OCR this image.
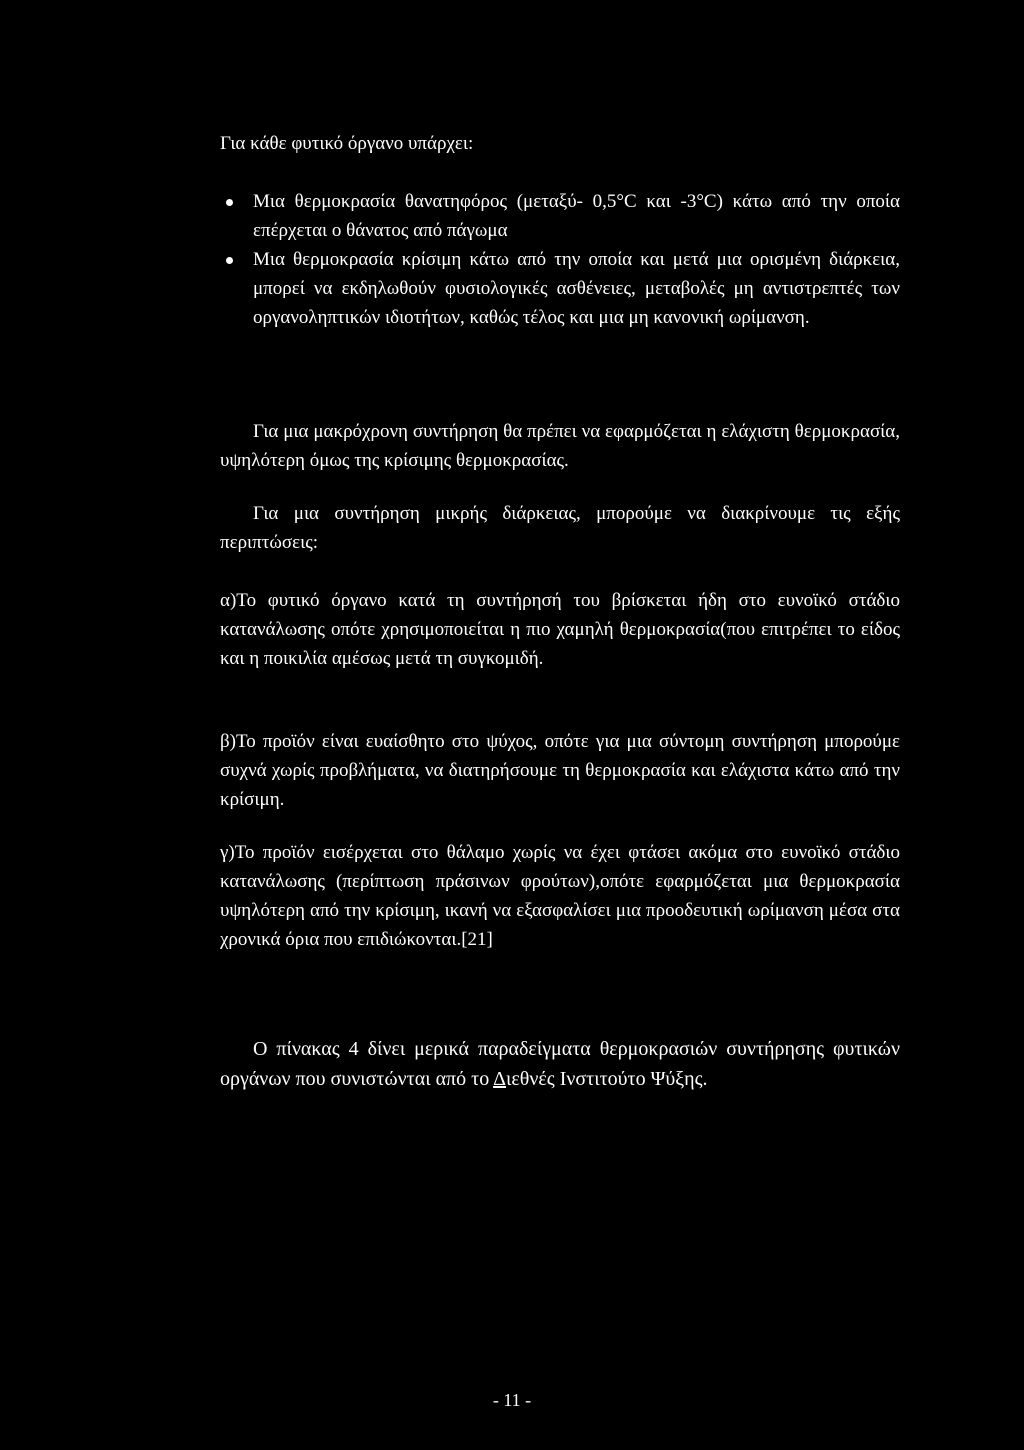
Για κάθε φυτικό όργανο υπάρχει:

Μια θερμοκρασία θανατηφόρος (μεταξύ- 0,5°C και -3°C) κάτω από την οποία επέρχεται ο θάνατος από πάγωμα
Μια θερμοκρασία κρίσιμη κάτω από την οποία και μετά μια ορισμένη διάρκεια, μπορεί να εκδηλωθούν φυσιολογικές ασθένειες, μεταβολές μη αντιστρεπτές των οργανοληπτικών ιδιοτήτων, καθώς τέλος και μια μη κανονική ωρίμανση.

Για μια μακρόχρονη συντήρηση θα πρέπει να εφαρμόζεται η ελάχιστη θερμοκρασία, υψηλότερη όμως της κρίσιμης θερμοκρασίας.

Για μια συντήρηση μικρής διάρκειας, μπορούμε να διακρίνουμε τις εξής περιπτώσεις:

α)Το φυτικό όργανο κατά τη συντήρησή του βρίσκεται ήδη στο ευνοϊκό στάδιο κατανάλωσης οπότε χρησιμοποιείται η πιο χαμηλή θερμοκρασία(που επιτρέπει το είδος και η ποικιλία αμέσως μετά τη συγκομιδή.

β)Το προϊόν είναι ευαίσθητο στο ψύχος, οπότε για μια σύντομη συντήρηση μπορούμε συχνά χωρίς προβλήματα, να διατηρήσουμε τη θερμοκρασία και ελάχιστα κάτω από την κρίσιμη.

γ)Το προϊόν εισέρχεται στο θάλαμο χωρίς να έχει φτάσει ακόμα στο ευνοϊκό στάδιο κατανάλωσης (περίπτωση πράσινων φρούτων),οπότε εφαρμόζεται μια θερμοκρασία υψηλότερη από την κρίσιμη, ικανή να εξασφαλίσει μια προοδευτική ωρίμανση μέσα στα χρονικά όρια που επιδιώκονται.[21]

Ο πίνακας 4 δίνει μερικά παραδείγματα θερμοκρασιών συντήρησης φυτικών οργάνων που συνιστώνται από το Διεθνές Ινστιτούτο Ψύξης.

- 11 -
